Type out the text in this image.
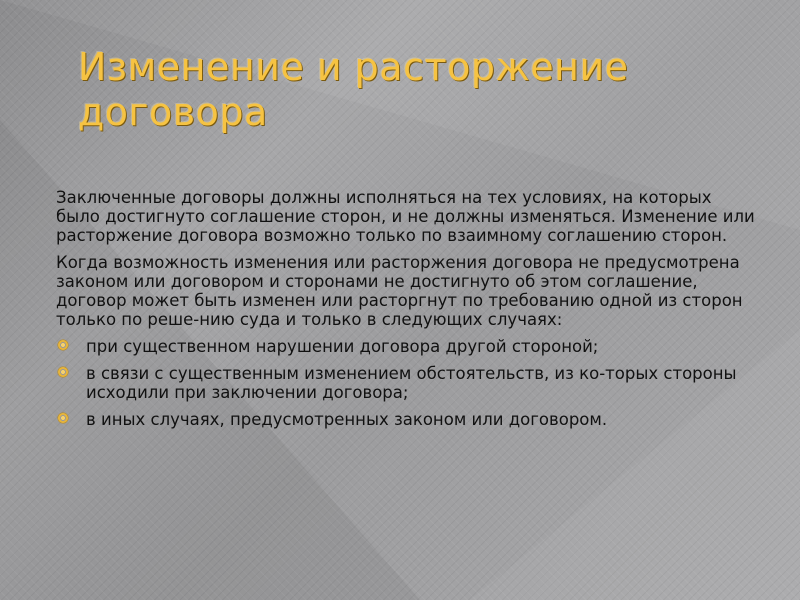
Изменение и расторжение договора

Заключенные договоры должны исполняться на тех условиях, на которых было достигнуто соглашение сторон, и не должны изменяться. Изменение или расторжение договора возможно только по взаимному соглашению сторон.

Когда возможность изменения или расторжения договора не предусмотрена законом или договором и сторонами не достигнуто об этом соглашение, договор может быть изменен или расторгнут по требованию одной из сторон только по реше-нию суда и только в следующих случаях:

при существенном нарушении договора другой стороной;
в связи с существенным изменением обстоятельств, из ко-торых стороны исходили при заключении договора;
в иных случаях, предусмотренных законом или договором.
